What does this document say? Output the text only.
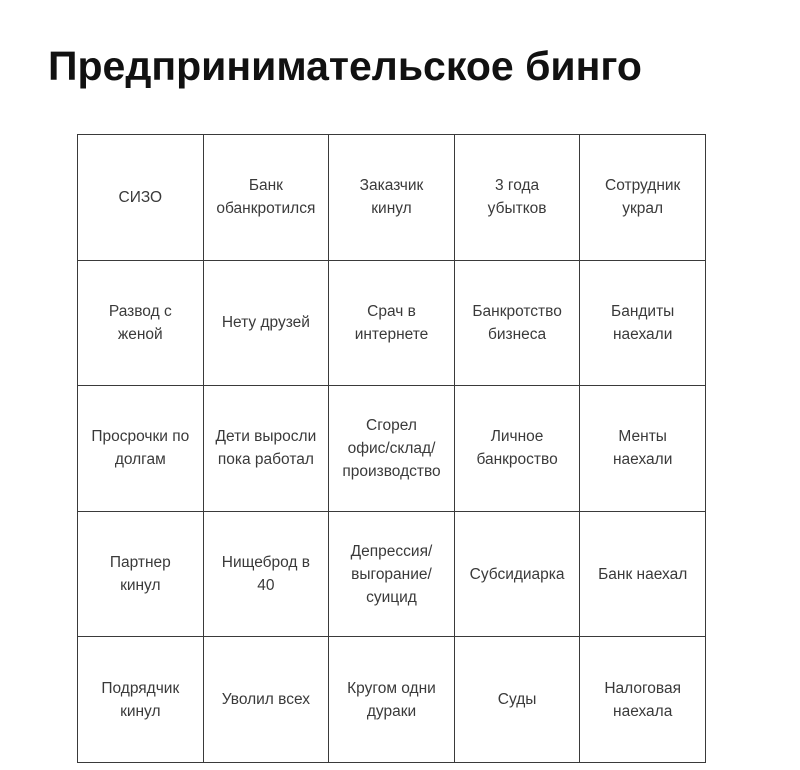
Предпринимательское бинго
СИЗО
Банк
обанкротился
Заказчик
кинул
3 года
убытков
Сотрудник
украл
Развод с
женой
Нету друзей
Срач в
интернете
Банкротство
бизнеса
Бандиты
наехали
Просрочки по
долгам
Дети выросли
пока работал
Сгорел
офис/склад/
производство
Личное
банкроство
Менты
наехали
Партнер
кинул
Нищеброд в
40
Депрессия/
выгорание/
суицид
Субсидиарка Банк наехал
Подрядчик
кинул
Уволил всех
Кругом одни
дураки
Суды
Налоговая
наехала
